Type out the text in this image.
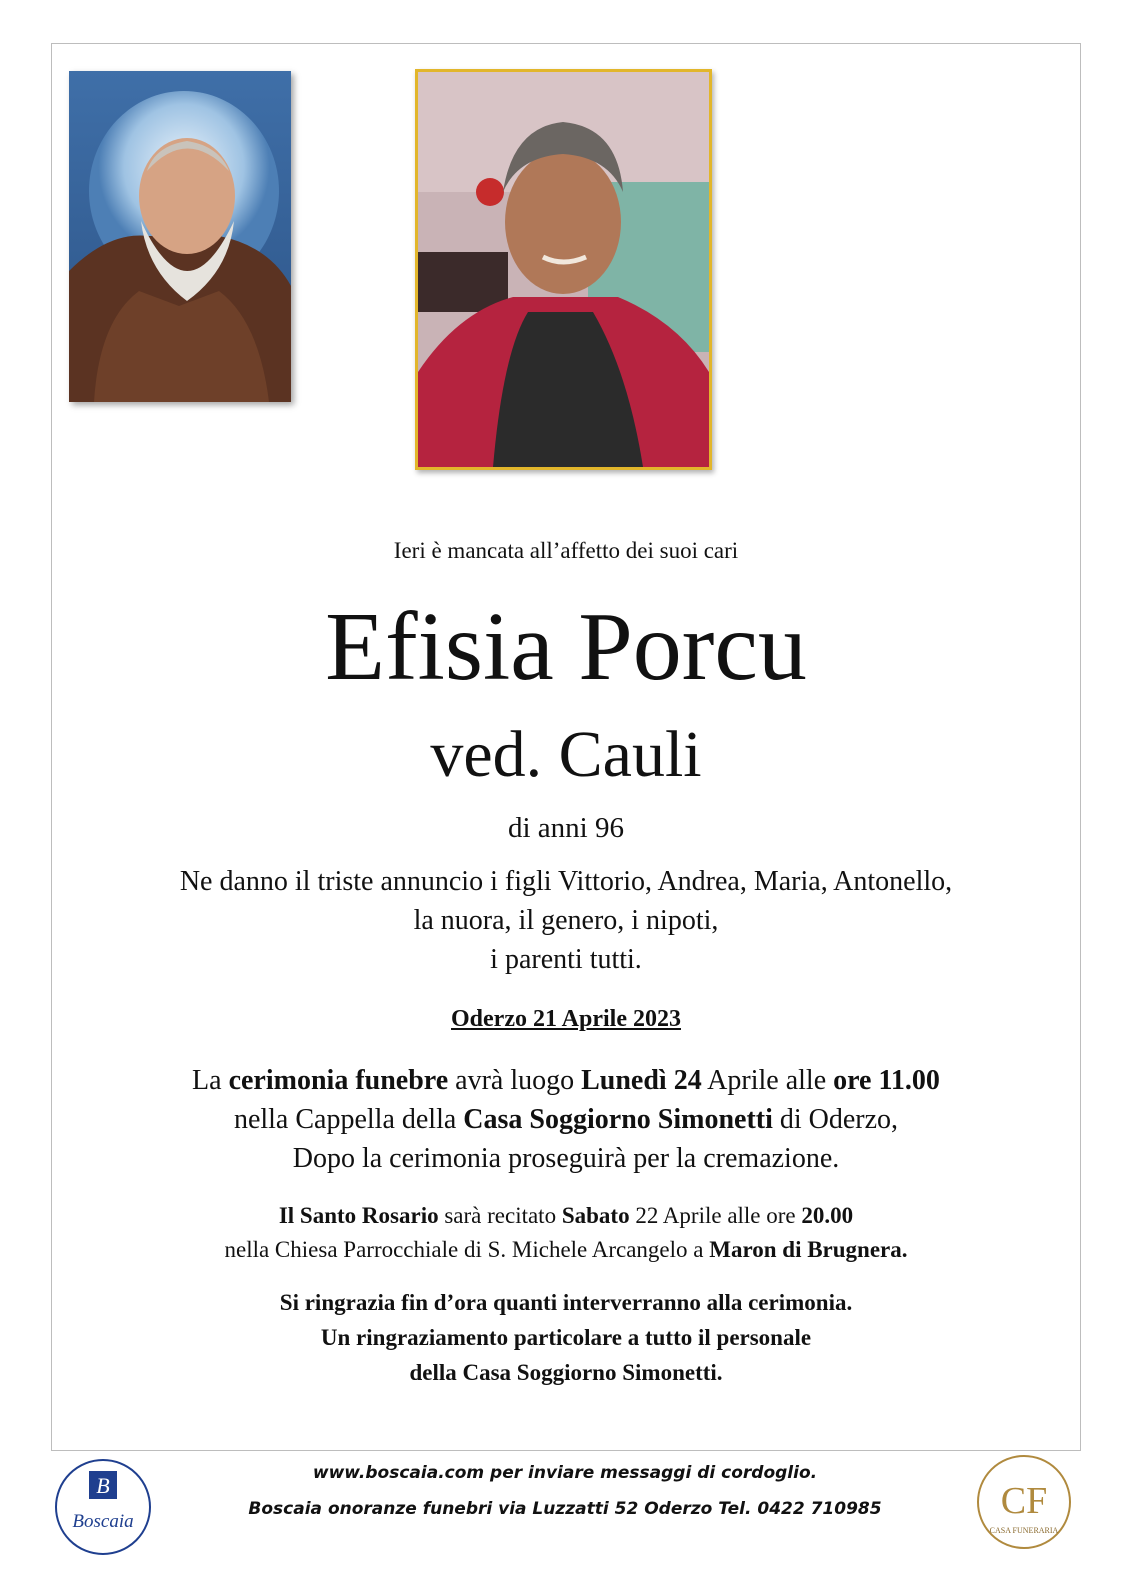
Ieri è mancata all’affetto dei suoi cari
Efisia Porcu
ved. Cauli
di anni 96
Ne danno il triste annuncio i figli Vittorio, Andrea, Maria, Antonello,
la nuora, il genero, i nipoti,
i parenti tutti.
Oderzo 21 Aprile 2023
La cerimonia funebre avrà luogo Lunedì 24 Aprile alle ore 11.00
nella Cappella della Casa Soggiorno Simonetti di Oderzo,
Dopo la cerimonia proseguirà per la cremazione.
Il Santo Rosario sarà recitato Sabato 22 Aprile alle ore 20.00
nella Chiesa Parrocchiale di S. Michele Arcangelo a Maron di Brugnera.
Si ringrazia fin d’ora quanti interverranno alla cerimonia.
Un ringraziamento particolare a tutto il personale
della Casa Soggiorno Simonetti.
B
Boscaia
www.boscaia.com per inviare messaggi di cordoglio.
Boscaia onoranze funebri via Luzzatti 52 Oderzo Tel. 0422 710985	CF
CASA FUNERARIA
